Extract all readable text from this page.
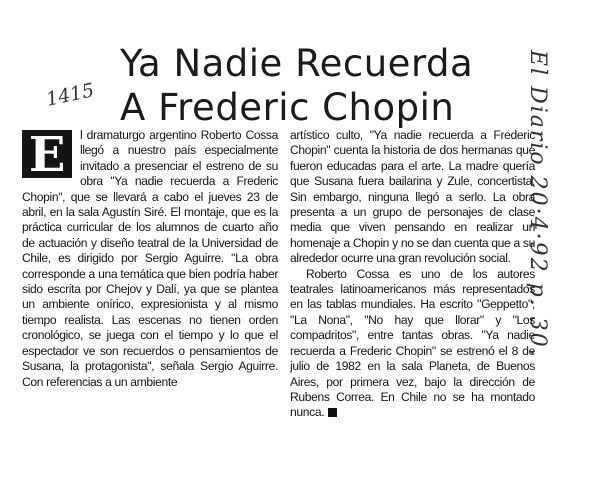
Ya Nadie Recuerda
A Frederic Chopin
1415	El Diario 20·4·92 p. 30.
E	l dramaturgo argentino Roberto Cossa llegó a nuestro país especialmente invitado a presenciar el estreno de su obra "Ya nadie recuerda a Frederic Chopin", que se llevará a cabo el jueves 23 de abril, en la sala Agustín Siré. El montaje, que es la práctica curricular de los alumnos de cuarto año de actuación y diseño teatral de la Universidad de Chile, es dirigido por Sergio Aguirre. "La obra corresponde a una temática que bien podría haber sido escrita por Chejov y Dalí, ya que se plantea un ambiente onírico, expresionista y al mismo tiempo realista. Las escenas no tienen orden cronológico, se juega con el tiempo y lo que el espectador ve son recuerdos o pensamientos de Susana, la protagonista", señala Sergio Aguirre. Con referencias a un ambiente

artístico culto, "Ya nadie recuerda a Frederic Chopin" cuenta la historia de dos hermanas que fueron educadas para el arte. La madre quería que Susana fuera bailarina y Zule, concertista. Sin embargo, ninguna llegó a serlo. La obra presenta a un grupo de personajes de clase media que viven pensando en realizar un homenaje a Chopin y no se dan cuenta que a su alrededor ocurre una gran revolución social.

Roberto Cossa es uno de los autores teatrales latinoamericanos más representados en las tablas mundiales. Ha escrito "Geppetto", "La Nona", "No hay que llorar" y "Los compadritos", entre tantas obras. "Ya nadie recuerda a Frederic Chopin" se estrenó el 8 de julio de 1982 en la sala Planeta, de Buenos Aires, por primera vez, bajo la dirección de Rubens Correa. En Chile no se ha montado nunca.
